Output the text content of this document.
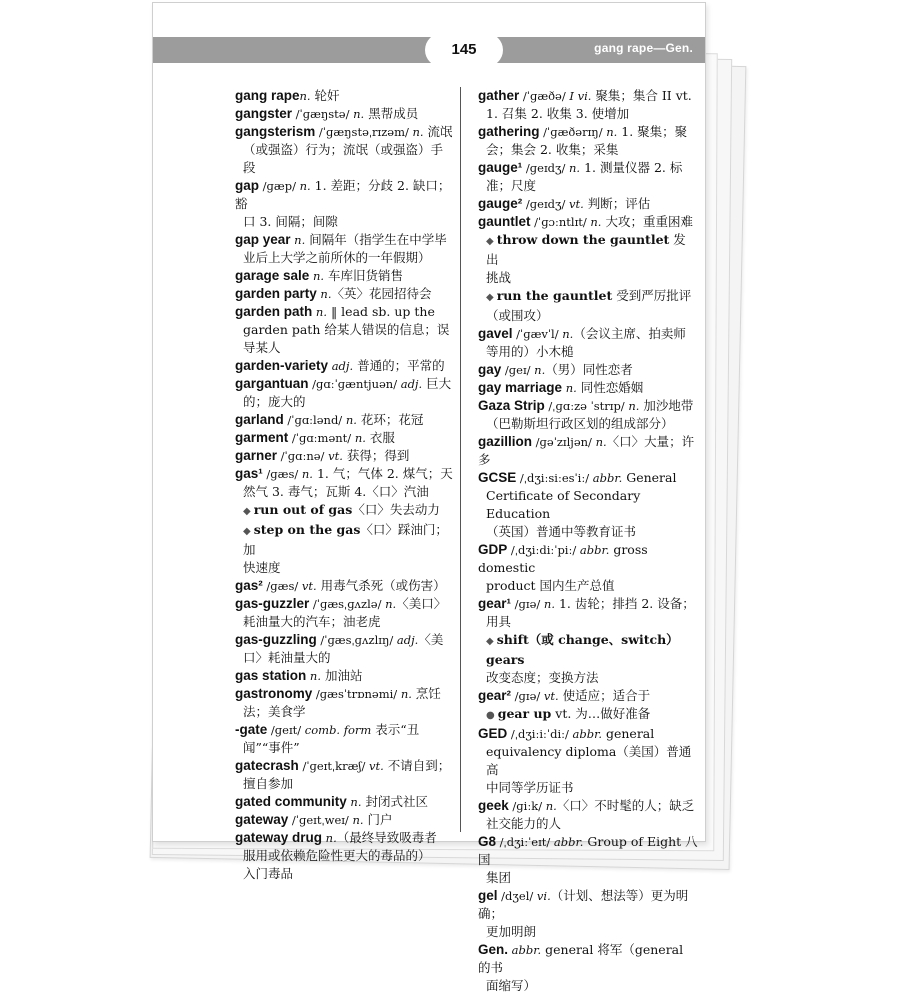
145	gang rape—Gen.
gang rapen. 轮奸
gangster /ˈɡæŋstə/ n. 黑帮成员
gangsterism /ˈɡæŋstəˌrɪzəm/ n. 流氓
（或强盗）行为；流氓（或强盗）手段
gap /ɡæp/ n. 1. 差距；分歧 2. 缺口；豁
口 3. 间隔；间隙
gap year n. 间隔年（指学生在中学毕
业后上大学之前所休的一年假期）
garage sale n. 车库旧货销售
garden party n.〈英〉花园招待会
garden path n. ‖ lead sb. up the
garden path 给某人错误的信息；误
导某人
garden-variety adj. 普通的；平常的
gargantuan /ɡɑːˈɡæntjuən/ adj. 巨大
的；庞大的
garland /ˈɡɑːlənd/ n. 花环；花冠
garment /ˈɡɑːmənt/ n. 衣服
garner /ˈɡɑːnə/ vt. 获得；得到
gas¹ /ɡæs/ n. 1. 气；气体 2. 煤气；天
然气 3. 毒气；瓦斯 4.〈口〉汽油
◆ run out of gas〈口〉失去动力
◆ step on the gas〈口〉踩油门；加
快速度
gas² /ɡæs/ vt. 用毒气杀死（或伤害）
gas-guzzler /ˈɡæsˌɡʌzlə/ n.〈美口〉
耗油量大的汽车；油老虎
gas-guzzling /ˈɡæsˌɡʌzlɪŋ/ adj.〈美
口〉耗油量大的
gas station n. 加油站
gastronomy /ɡæsˈtrɒnəmi/ n. 烹饪
法；美食学
-gate /ɡeɪt/ comb. form 表示“丑
闻”“事件”
gatecrash /ˈɡeɪtˌkræʃ/ vt. 不请自到；
擅自参加
gated community n. 封闭式社区
gateway /ˈɡeɪtˌweɪ/ n. 门户
gateway drug n.（最终导致吸毒者
服用或依赖危险性更大的毒品的）
入门毒品
gather /ˈɡæðə/ I vi. 聚集；集合 II vt.
1. 召集 2. 收集 3. 使增加
gathering /ˈɡæðərɪŋ/ n. 1. 聚集；聚
会；集会 2. 收集；采集
gauge¹ /ɡeɪdʒ/ n. 1. 测量仪器 2. 标
准；尺度
gauge² /ɡeɪdʒ/ vt. 判断；评估
gauntlet /ˈɡɔːntlɪt/ n. 大攻；重重困难
◆ throw down the gauntlet 发出
挑战
◆ run the gauntlet 受到严厉批评
（或围攻）
gavel /ˈɡævˈl/ n.（会议主席、拍卖师
等用的）小木槌
gay /ɡeɪ/ n.（男）同性恋者
gay marriage n. 同性恋婚姻
Gaza Strip /ˌɡɑːzə ˈstrɪp/ n. 加沙地带
（巴勒斯坦行政区划的组成部分）
gazillion /ɡəˈzɪljən/ n.〈口〉大量；许多
GCSE /ˌdʒiːsiːesˈiː/ abbr. General
Certificate of Secondary Education
（英国）普通中等教育证书
GDP /ˌdʒiːdiːˈpiː/ abbr. gross domestic
product 国内生产总值
gear¹ /ɡɪə/ n. 1. 齿轮；排挡 2. 设备；
用具
◆ shift（或 change、switch）gears
改变态度；变换方法
gear² /ɡɪə/ vt. 使适应；适合于
● gear up vt. 为…做好准备
GED /ˌdʒiːiːˈdiː/ abbr. general
equivalency diploma（美国）普通高
中同等学历证书
geek /ɡiːk/ n.〈口〉不时髦的人；缺乏
社交能力的人
G8 /ˌdʒiːˈeɪt/ abbr. Group of Eight 八国
集团
gel /dʒel/ vi.（计划、想法等）更为明确；
更加明朗
Gen. abbr. general 将军（general 的书
面缩写）
